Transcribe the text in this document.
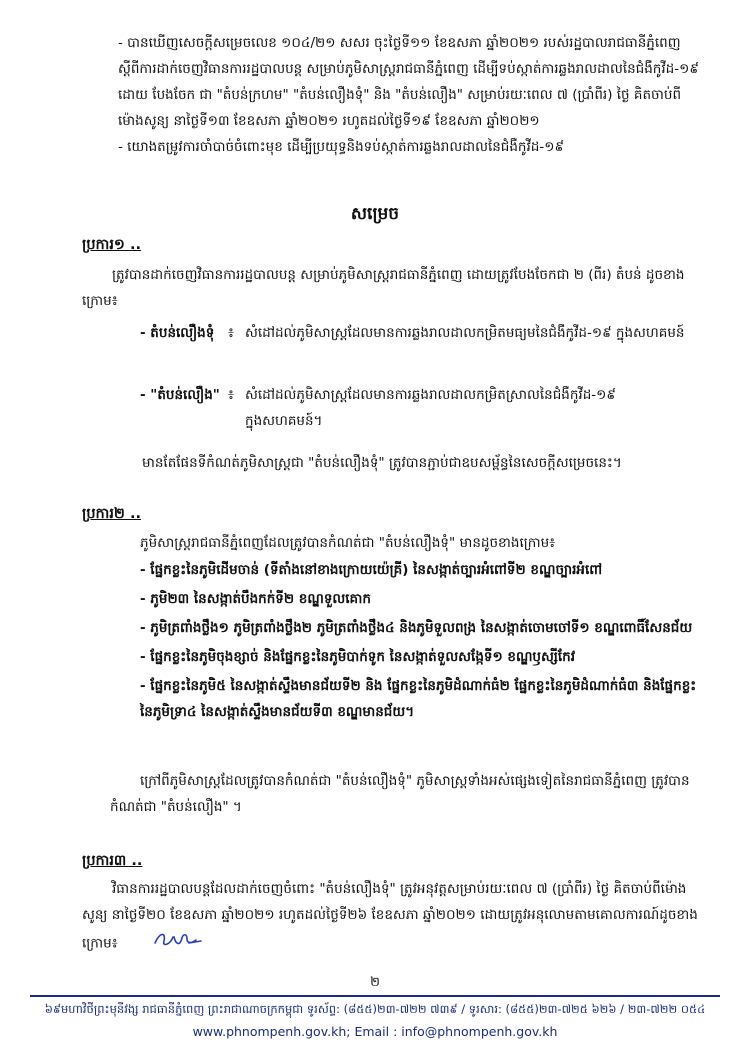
- បានឃើញសេចក្តីសម្រេចលេខ ១០៤/២១ សសរ ចុះថ្ងៃទី១១ ខែឧសភា ឆ្នាំ២០២១ របស់រដ្ឋបាលរាជធានីភ្នំពេញ ស្តីពីការដាក់ចេញវិធានការរដ្ឋបាលបន្ត សម្រាប់ភូមិសាស្ត្ររាជធានីភ្នំពេញ ដើម្បីទប់ស្កាត់ការឆ្លងរាលដាលនៃជំងឺកូវីដ-១៩ ដោយ បែងចែក ជា "តំបន់ក្រហម" "តំបន់លឿងទុំ" និង "តំបន់លឿង" សម្រាប់រយៈពេល ៧ (ប្រាំពីរ) ថ្ងៃ គិតចាប់ពីម៉ោងសូន្យ នាថ្ងៃទី១៣ ខែឧសភា ឆ្នាំ២០២១ រហូតដល់ថ្ងៃទី១៩ ខែឧសភា ឆ្នាំ២០២១

- យោងតម្រូវការចាំបាច់ចំពោះមុខ ដើម្បីប្រយុទ្ធនិងទប់ស្កាត់ការឆ្លងរាលដាលនៃជំងឺកូវីដ-១៩

សម្រេច
ប្រការ១ ..
ត្រូវបានដាក់ចេញវិធានការរដ្ឋបាលបន្ត សម្រាប់ភូមិសាស្ត្ររាជធានីភ្នំពេញ ដោយត្រូវបែងចែកជា ២ (ពីរ) តំបន់ ដូចខាងក្រោម៖
- តំបន់លឿងទុំ ៖ សំដៅដល់ភូមិសាស្ត្រដែលមានការឆ្លងរាលដាលកម្រិតមធ្យមនៃជំងឺកូវីដ-១៩ ក្នុងសហគមន៍
- "តំបន់លឿង" ៖ សំដៅដល់ភូមិសាស្ត្រដែលមានការឆ្លងរាលដាលកម្រិតស្រាលនៃជំងឺកូវីដ-១៩ ក្នុងសហគមន៍។
មានតែផែនទីកំណត់ភូមិសាស្ត្រជា "តំបន់លឿងទុំ" ត្រូវបានភ្ជាប់ជាឧបសម្ព័ន្ធនៃសេចក្តីសម្រេចនេះ។
ប្រការ២ ..
ភូមិសាស្ត្ររាជធានីភ្នំពេញដែលត្រូវបានកំណត់ជា "តំបន់លឿងទុំ" មានដូចខាងក្រោម៖
- ផ្នែកខ្លះនៃភូមិដើមចាន់ (ទីតាំងនៅខាងក្រោយយ៉េគ្រី) នៃសង្កាត់ច្បារអំពៅទី២ ខណ្ឌច្បារអំពៅ
- ភូមិ២៣ នៃសង្កាត់បឹងកក់ទី២ ខណ្ឌទួលគោក
- ភូមិត្រពាំងថ្លឹង១ ភូមិត្រពាំងថ្លឹង២ ភូមិត្រពាំងថ្លឹង៤ និងភូមិទួលពង្រ នៃសង្កាត់ចោមចៅទី១ ខណ្ឌពោធិ៍សែនជ័យ
- ផ្នែកខ្លះនៃភូមិចុងខ្សាច់ និងផ្នែកខ្លះនៃភូមិបាក់ទូក នៃសង្កាត់ទួលសង្កែទី១ ខណ្ឌឫស្សីកែវ
- ផ្នែកខ្លះនៃភូមិ៥ នៃសង្កាត់ស្ទឹងមានជ័យទី២ និង ផ្នែកខ្លះនៃភូមិដំណាក់ធំ២ ផ្នែកខ្លះនៃភូមិដំណាក់ធំ៣ និងផ្នែកខ្លះនៃភូមិទ្រា៤ នៃសង្កាត់ស្ទឹងមានជ័យទី៣ ខណ្ឌមានជ័យ។
ក្រៅពីភូមិសាស្ត្រដែលត្រូវបានកំណត់ជា "តំបន់លឿងទុំ" ភូមិសាស្ត្រទាំងអស់ផ្សេងទៀតនៃរាជធានីភ្នំពេញ ត្រូវបានកំណត់ជា "តំបន់លឿង" ។
ប្រការ៣ ..
វិធានការរដ្ឋបាលបន្តដែលដាក់ចេញចំពោះ "តំបន់លឿងទុំ" ត្រូវអនុវត្តសម្រាប់រយៈពេល ៧ (ប្រាំពីរ) ថ្ងៃ គិតចាប់ពីម៉ោងសូន្យ នាថ្ងៃទី២០ ខែឧសភា ឆ្នាំ២០២១ រហូតដល់ថ្ងៃទី២៦ ខែឧសភា ឆ្នាំ២០២១ ដោយត្រូវអនុលោមតាមគោលការណ៍ដូចខាងក្រោម៖
២
៦៩មហាវិថីព្រះមុនីវង្ស រាជធានីភ្នំពេញ ព្រះរាជាណាចក្រកម្ពុជា ទូរស័ព្ទ: (៨៥៥)២៣-៧២២ ៧៣៩ / ទូរសារ: (៨៥៥)២៣-៧២៥ ៦២៦ / ២៣-៧២២ ០៥៤
www.phnompenh.gov.kh; Email : info@phnompenh.gov.kh
